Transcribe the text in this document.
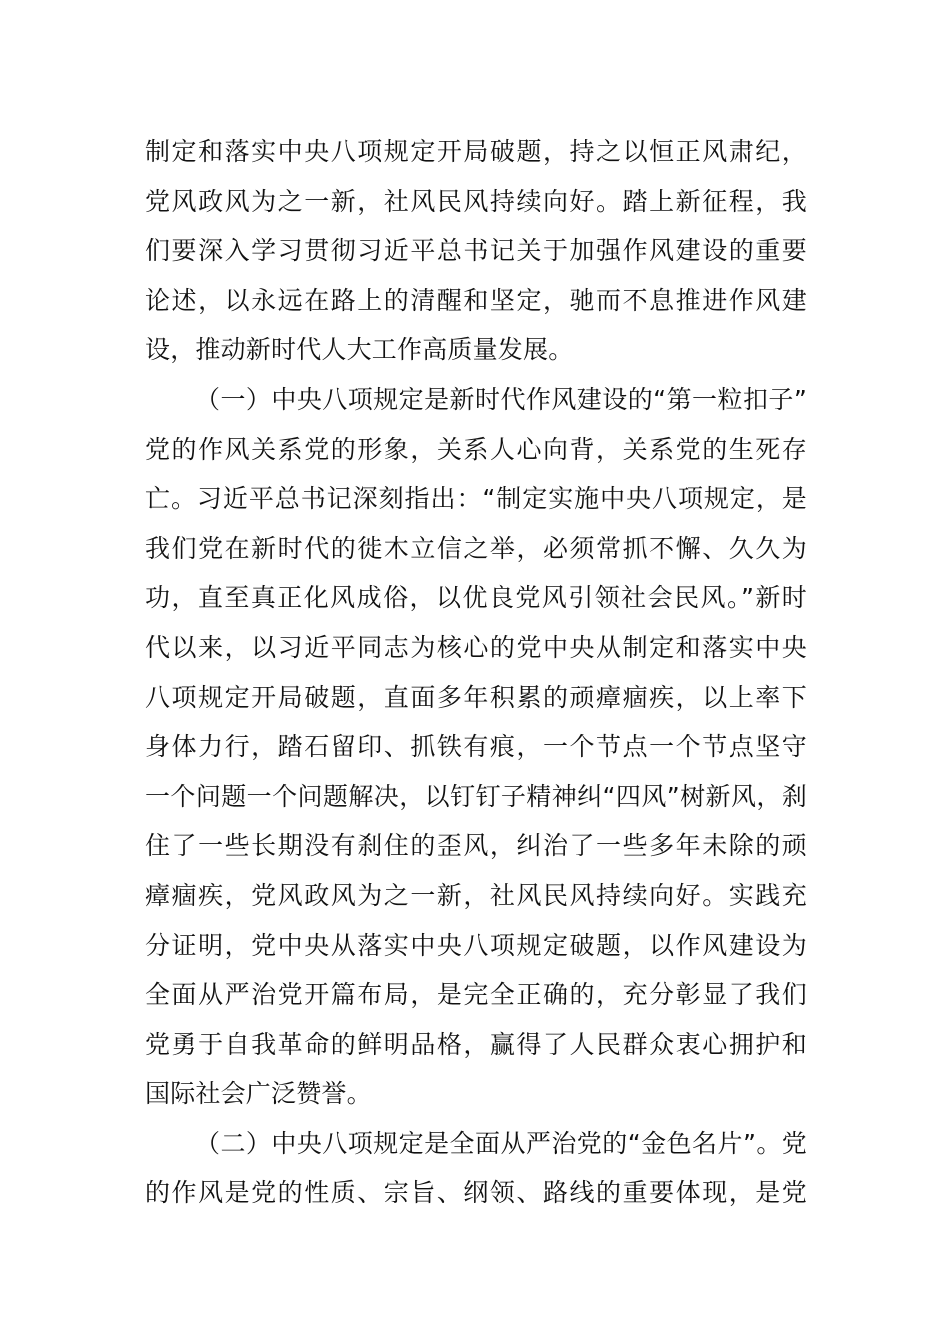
制定和落实中央八项规定开局破题，持之以恒正风肃纪，
党风政风为之一新，社风民风持续向好。踏上新征程，我
们要深入学习贯彻习近平总书记关于加强作风建设的重要
论述，以永远在路上的清醒和坚定，驰而不息推进作风建
设，推动新时代人大工作高质量发展。
（一）中央八项规定是新时代作风建设的“第一粒扣子”
党的作风关系党的形象，关系人心向背，关系党的生死存
亡。习近平总书记深刻指出：“制定实施中央八项规定，是
我们党在新时代的徙木立信之举，必须常抓不懈、久久为
功，直至真正化风成俗，以优良党风引领社会民风。”新时
代以来，以习近平同志为核心的党中央从制定和落实中央
八项规定开局破题，直面多年积累的顽瘴痼疾，以上率下
身体力行，踏石留印、抓铁有痕，一个节点一个节点坚守
一个问题一个问题解决，以钉钉子精神纠“四风”树新风，刹
住了一些长期没有刹住的歪风，纠治了一些多年未除的顽
瘴痼疾，党风政风为之一新，社风民风持续向好。实践充
分证明，党中央从落实中央八项规定破题，以作风建设为
全面从严治党开篇布局，是完全正确的，充分彰显了我们
党勇于自我革命的鲜明品格，赢得了人民群众衷心拥护和
国际社会广泛赞誉。
（二）中央八项规定是全面从严治党的“金色名片”。党
的作风是党的性质、宗旨、纲领、路线的重要体现，是党
